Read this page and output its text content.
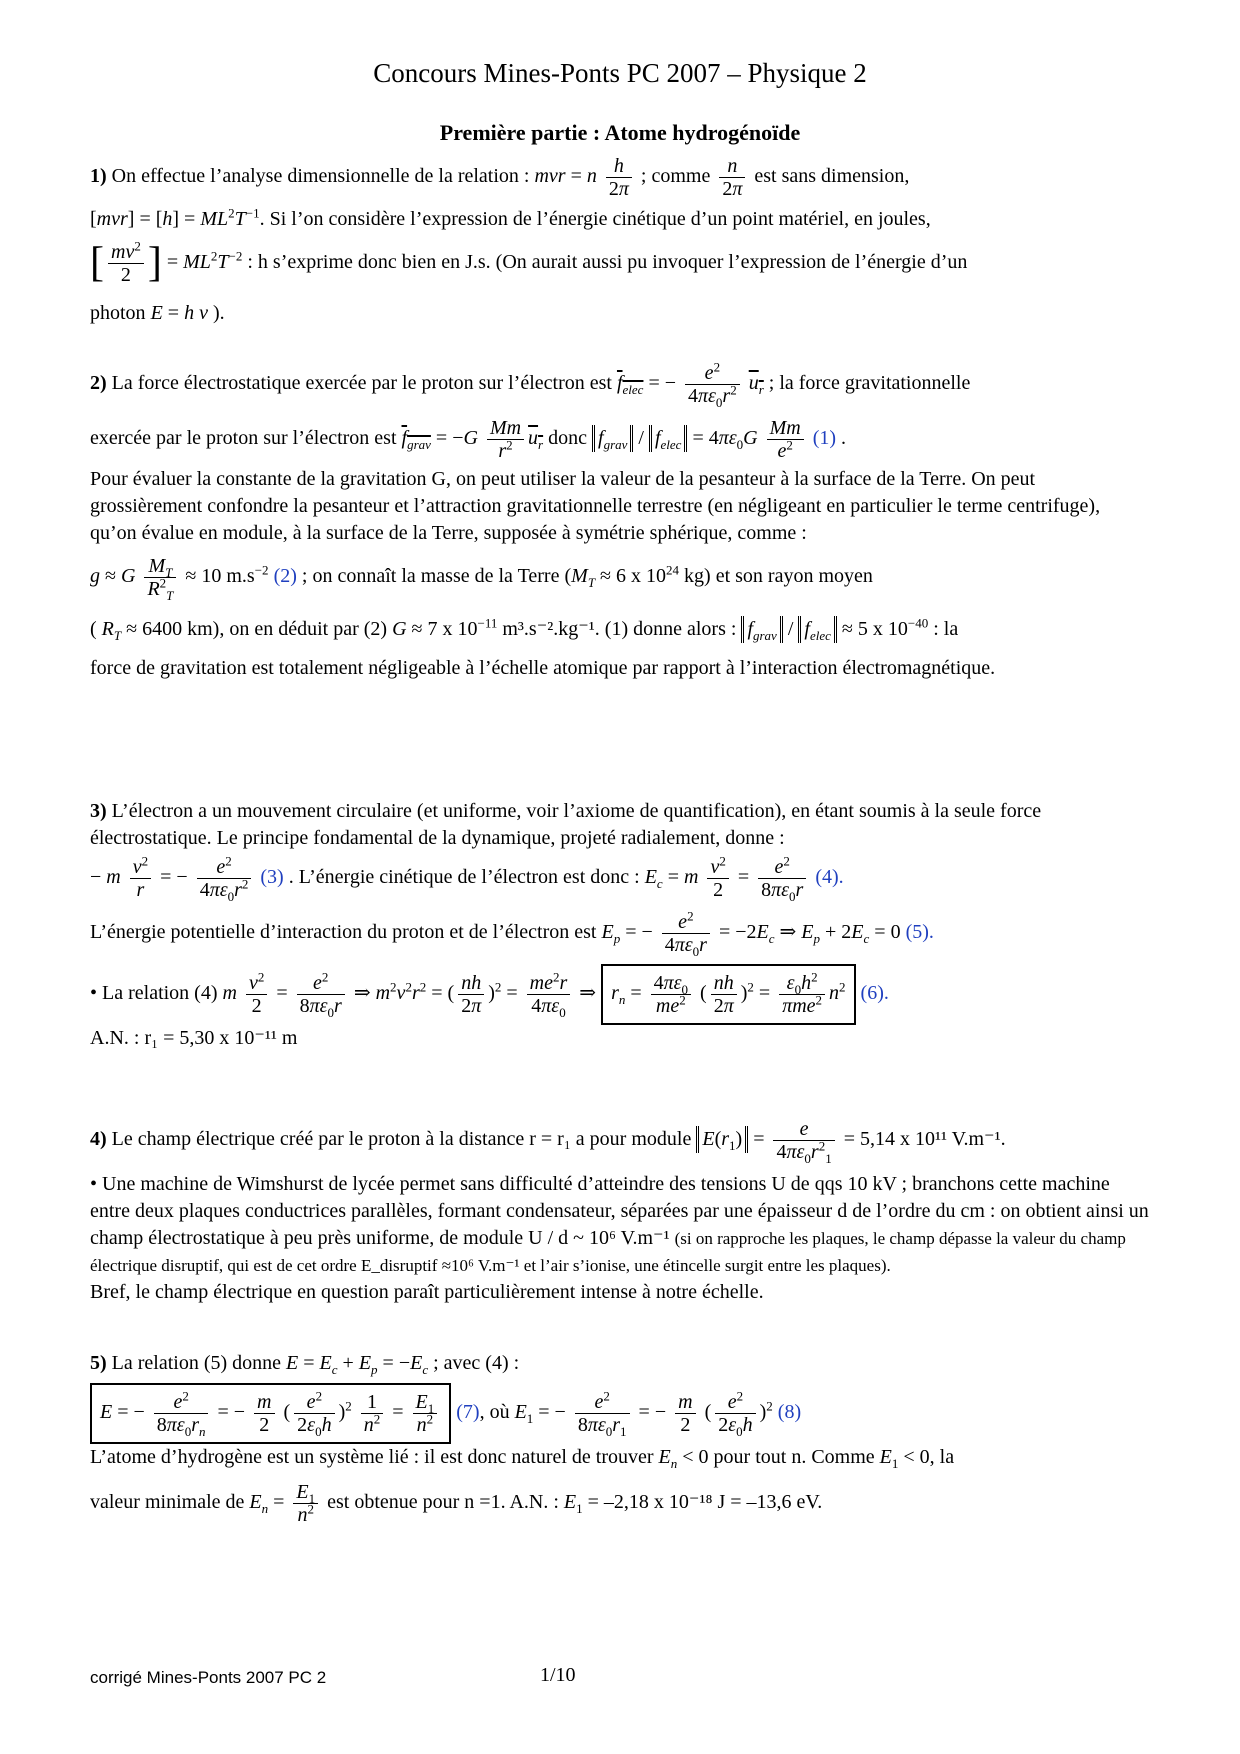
Concours Mines-Ponts PC 2007 – Physique 2
Première partie : Atome hydrogénoïde
1) On effectue l’analyse dimensionnelle de la relation : mvr = n $\frac{h}{2\pi}$ ; comme $\frac{n}{2\pi}$ est sans dimension,
$[mvr] = [h] = ML^2T^{-1}$. Si l’on considère l’expression de l’énergie cinétique d’un point matériel, en joules,
[ $\frac{mv^2}{2}$ ] = $ML^2T^{-2}$ : h s’exprime donc bien en J.s. (On aurait aussi pu invoquer l’expression de l’énergie d’un
photon E = h ν ).
2) La force électrostatique exercée par le proton sur l’électron est $f_{elec}$ = − $\frac{e^2}{4\pi\varepsilon_0r^2} u_r$ ; la force gravitationnelle
exercée par le proton sur l’électron est $f_{grav} = -G \frac{Mm}{r^2} u_r$ donc $f_{grav} / f_{elec} = 4\pi\varepsilon_0G \frac{Mm}{e^2} (1)$ .
Pour évaluer la constante de la gravitation G, on peut utiliser la valeur de la pesanteur à la surface de la Terre. On peut grossièrement confondre la pesanteur et l’attraction gravitationnelle terrestre (en négligeant en particulier le terme centrifuge), qu’on évalue en module, à la surface de la Terre, supposée à symétrie sphérique, comme :
g ≈ G $\frac{M_T}{R^2_T} \approx 10$ $m.s^{-2}$ (2) ; on connaît la masse de la Terre ($M_T \approx 6$ x $10^{24}$ kg) et son rayon moyen
( $R_T \approx 6400$ km), on en déduit par (2) G ≈ 7 x $10^{-11}$ m³.s⁻².kg⁻¹. (1) donne alors : $f_{grav} / f_{elec} \approx 5$ x $10^{-40}$ : la
force de gravitation est totalement négligeable à l’échelle atomique par rapport à l’interaction électromagnétique.
3) L’électron a un mouvement circulaire (et uniforme, voir l’axiome de quantification), en étant soumis à la seule force électrostatique. Le principe fondamental de la dynamique, projeté radialement, donne :
− m $\frac{v^2}{r}$ = − $\frac{e^2}{4\pi\varepsilon_0r^2} (3)$ . L’énergie cinétique de l’électron est donc : $E_c = m \frac{v^2}{2} = \frac{e^2}{8\pi\varepsilon_0r} (4)$.
L’énergie potentielle d’interaction du proton et de l’électron est $E_p$ = − $\frac{e^2}{4\pi\varepsilon_0r} = -2E_c$ ⇒ $E_p + 2E_c = 0$ (5).
• La relation (4) m $\frac{v^2}{2} = \frac{e^2}{8\pi\varepsilon_0r}$ ⇒ $m^2v^2r^2$ = ( $\frac{nh}{2\pi} )^2 = \frac{me^2r}{4\pi\varepsilon_0}$ ⇒ $r_n = \frac{4\pi\varepsilon_0}{me^2}$ ( $\frac{nh}{2\pi} )^2 = \frac{\varepsilon_0h^2}{\pi me^2} n^2$ (6).
A.N. : r₁ = 5,30 x 10⁻¹¹ m
4) Le champ électrique créé par le proton à la distance r = r₁ a pour module $E(r_1) = \frac{e}{4\pi\varepsilon_0r^2_1} = 5,14$ x 10¹¹ V.m⁻¹.
• Une machine de Wimshurst de lycée permet sans difficulté d’atteindre des tensions U de qqs 10 kV ; branchons cette machine entre deux plaques conductrices parallèles, formant condensateur, séparées par une épaisseur d de l’ordre du cm : on obtient ainsi un champ électrostatique à peu près uniforme, de module U / d ~ 10⁶ V.m⁻¹ (si on rapproche les plaques, le champ dépasse la valeur du champ électrique disruptif, qui est de cet ordre E_disruptif ≈10⁶ V.m⁻¹ et l’air s’ionise, une étincelle surgit entre les plaques).
Bref, le champ électrique en question paraît particulièrement intense à notre échelle.
5) La relation (5) donne $E = E_c + E_p = -E_c$ ; avec (4) :
E = − $\frac{e^2}{8\pi\varepsilon_0r_n}$ = − $\frac{m}{2}$ ( $\frac{e^2}{2\varepsilon_0h} )^2 \frac{1}{n^2} = \frac{E_1}{n^2} (7)$, où $E_1$ = − $\frac{e^2}{8\pi\varepsilon_0r_1}$ = − $\frac{m}{2}$ ( $\frac{e^2}{2\varepsilon_0h} )^2$ (8)
L’atome d’hydrogène est un système lié : il est donc naturel de trouver $E_n < 0$ pour tout n. Comme $E_1 < 0$, la
valeur minimale de $E_n = \frac{E_1}{n^2}$ est obtenue pour n =1. A.N. : $E_1 = -2,18$ x 10⁻¹⁸ J = –13,6 eV.
corrigé Mines-Ponts 2007 PC 2	1/10
